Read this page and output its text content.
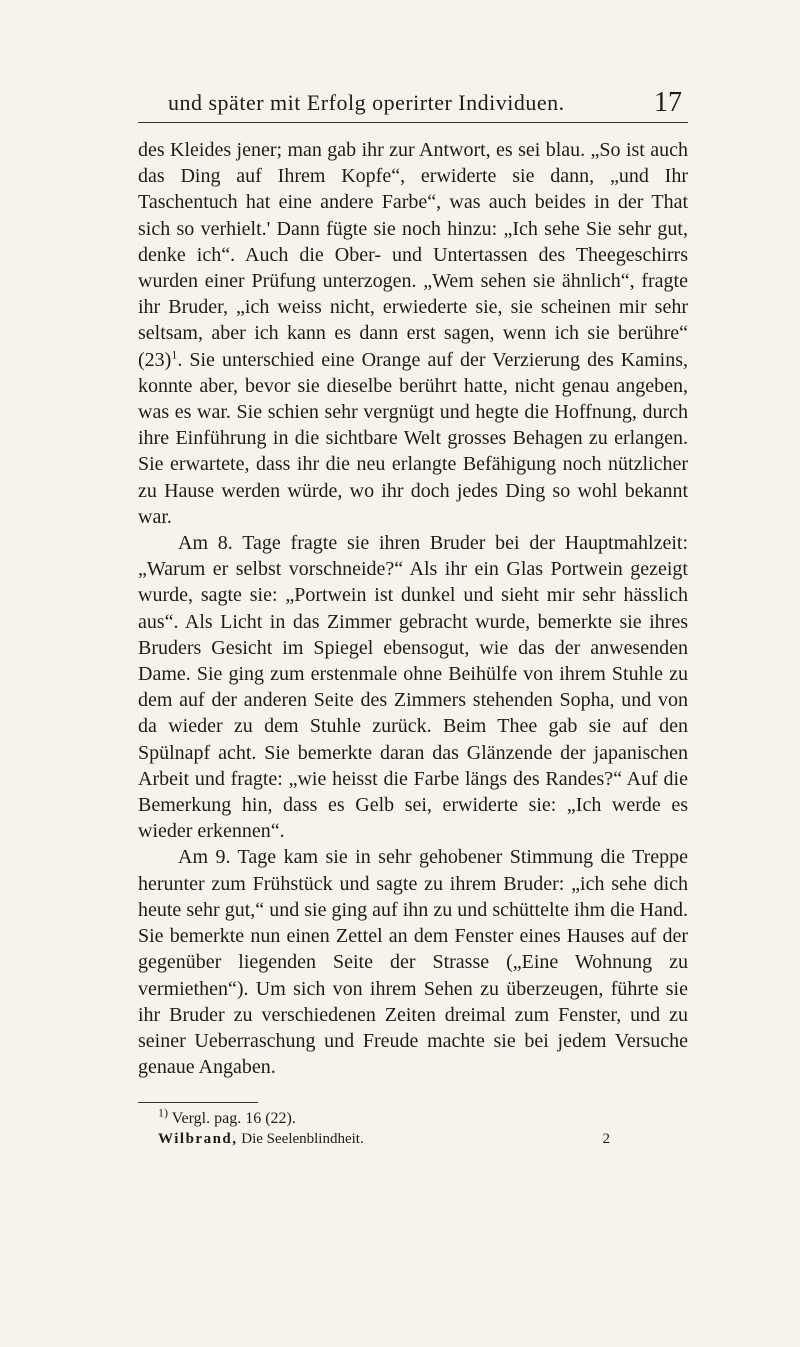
und später mit Erfolg operirter Individuen.	17

des Kleides jener; man gab ihr zur Antwort, es sei blau. „So ist auch das Ding auf Ihrem Kopfe“, erwiderte sie dann, „und Ihr Taschentuch hat eine andere Farbe“, was auch beides in der That sich so verhielt.' Dann fügte sie noch hinzu: „Ich sehe Sie sehr gut, denke ich“. Auch die Ober- und Untertassen des Theegeschirrs wurden einer Prüfung unterzogen. „Wem sehen sie ähnlich“, fragte ihr Bruder, „ich weiss nicht, erwiederte sie, sie scheinen mir sehr seltsam, aber ich kann es dann erst sagen, wenn ich sie berühre“ $(23)^1$. Sie unterschied eine Orange auf der Verzierung des Kamins, konnte aber, bevor sie dieselbe berührt hatte, nicht genau angeben, was es war. Sie schien sehr vergnügt und hegte die Hoffnung, durch ihre Einführung in die sichtbare Welt grosses Behagen zu erlangen. Sie erwartete, dass ihr die neu erlangte Befähigung noch nützlicher zu Hause werden würde, wo ihr doch jedes Ding so wohl bekannt war.

Am 8. Tage fragte sie ihren Bruder bei der Hauptmahlzeit: „Warum er selbst vorschneide?“ Als ihr ein Glas Portwein gezeigt wurde, sagte sie: „Portwein ist dunkel und sieht mir sehr hässlich aus“. Als Licht in das Zimmer gebracht wurde, bemerkte sie ihres Bruders Gesicht im Spiegel ebensogut, wie das der anwesenden Dame. Sie ging zum erstenmale ohne Beihülfe von ihrem Stuhle zu dem auf der anderen Seite des Zimmers stehenden Sopha, und von da wieder zu dem Stuhle zurück. Beim Thee gab sie auf den Spülnapf acht. Sie bemerkte daran das Glänzende der japanischen Arbeit und fragte: „wie heisst die Farbe längs des Randes?“ Auf die Bemerkung hin, dass es Gelb sei, erwiderte sie: „Ich werde es wieder erkennen“.

Am 9. Tage kam sie in sehr gehobener Stimmung die Treppe herunter zum Frühstück und sagte zu ihrem Bruder: „ich sehe dich heute sehr gut,“ und sie ging auf ihn zu und schüttelte ihm die Hand. Sie bemerkte nun einen Zettel an dem Fenster eines Hauses auf der gegenüber liegenden Seite der Strasse („Eine Wohnung zu vermiethen“). Um sich von ihrem Sehen zu überzeugen, führte sie ihr Bruder zu verschiedenen Zeiten dreimal zum Fenster, und zu seiner Ueberraschung und Freude machte sie bei jedem Versuche genaue Angaben.

$^{1)}$ Vergl. pag. 16 (22).
Wilbrand, Die Seelenblindheit.	2
